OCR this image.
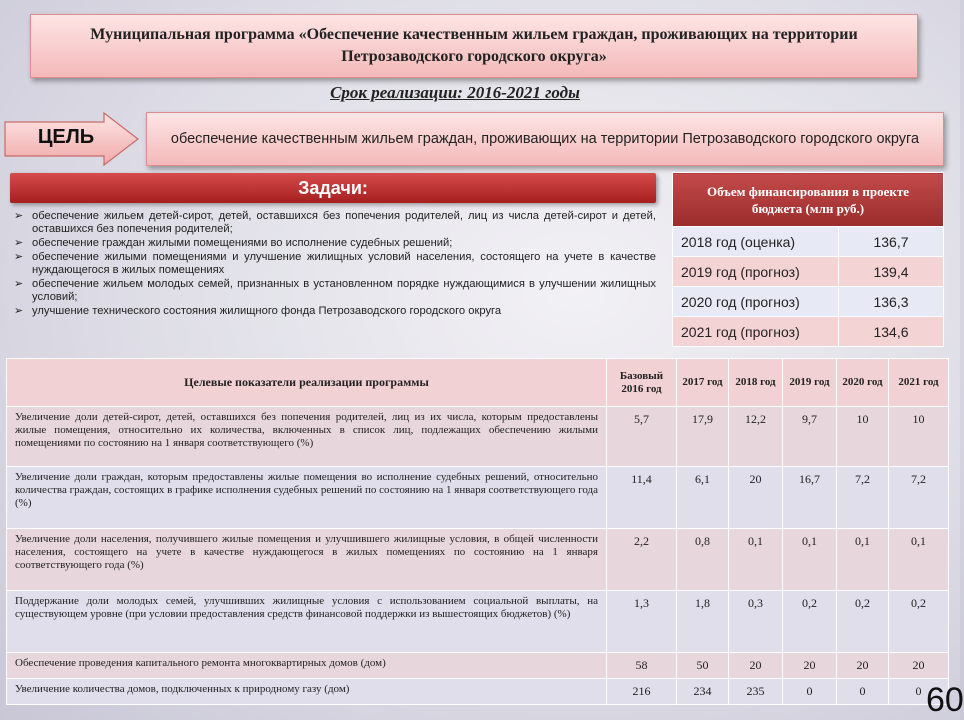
Муниципальная программа «Обеспечение качественным жильем граждан, проживающих на территории Петрозаводского городского округа»
Срок реализации: 2016-2021 годы
ЦЕЛЬ	обеспечение качественным жильем граждан, проживающих на территории Петрозаводского городского округа
Задачи:
➢ обеспечение жильем детей-сирот, детей, оставшихся без попечения родителей, лиц из числа детей-сирот и детей, оставшихся без попечения родителей;
➢ обеспечение граждан жилыми помещениями во исполнение судебных решений;
➢ обеспечение жилыми помещениями и улучшение жилищных условий населения, состоящего на учете в качестве нуждающегося в жилых помещениях
➢ обеспечение жильем молодых семей, признанных в установленном порядке нуждающимися в улучшении жилищных условий;
➢ улучшение технического состояния жилищного фонда Петрозаводского городского округа
Объем финансирования в проекте бюджета (млн руб.)	
2018 год (оценка)	136,7
2019 год (прогноз)	139,4
2020 год (прогноз)	136,3
2021 год (прогноз)	134,6
Целевые показатели реализации программы	Базовый 2016 год	2017 год	2018 год	2019 год	2020 год	2021 год
Увеличение доли детей-сирот, детей, оставшихся без попечения родителей, лиц из их числа, которым предоставлены жилые помещения, относительно их количества, включенных в список лиц, подлежащих обеспечению жилыми помещениями по состоянию на 1 января соответствующего (%)	5,7	17,9	12,2	9,7	10	10
Увеличение доли граждан, которым предоставлены жилые помещения во исполнение судебных решений, относительно количества граждан, состоящих в графике исполнения судебных решений по состоянию на 1 января соответствующего года (%)	11,4	6,1	20	16,7	7,2	7,2
Увеличение доли населения, получившего жилые помещения и улучшившего жилищные условия, в общей численности населения, состоящего на учете в качестве нуждающегося в жилых помещениях по состоянию на 1 января соответствующего года (%)	2,2	0,8	0,1	0,1	0,1	0,1
Поддержание доли молодых семей, улучшивших жилищные условия с использованием социальной выплаты, на существующем уровне (при условии предоставления средств финансовой поддержки из вышестоящих бюджетов) (%)	1,3	1,8	0,3	0,2	0,2	0,2
Обеспечение проведения капитального ремонта многоквартирных домов (дом)	58	50	20	20	20	20
Увеличение количества домов, подключенных к природному газу (дом)	216	234	235	0	0	0 60
